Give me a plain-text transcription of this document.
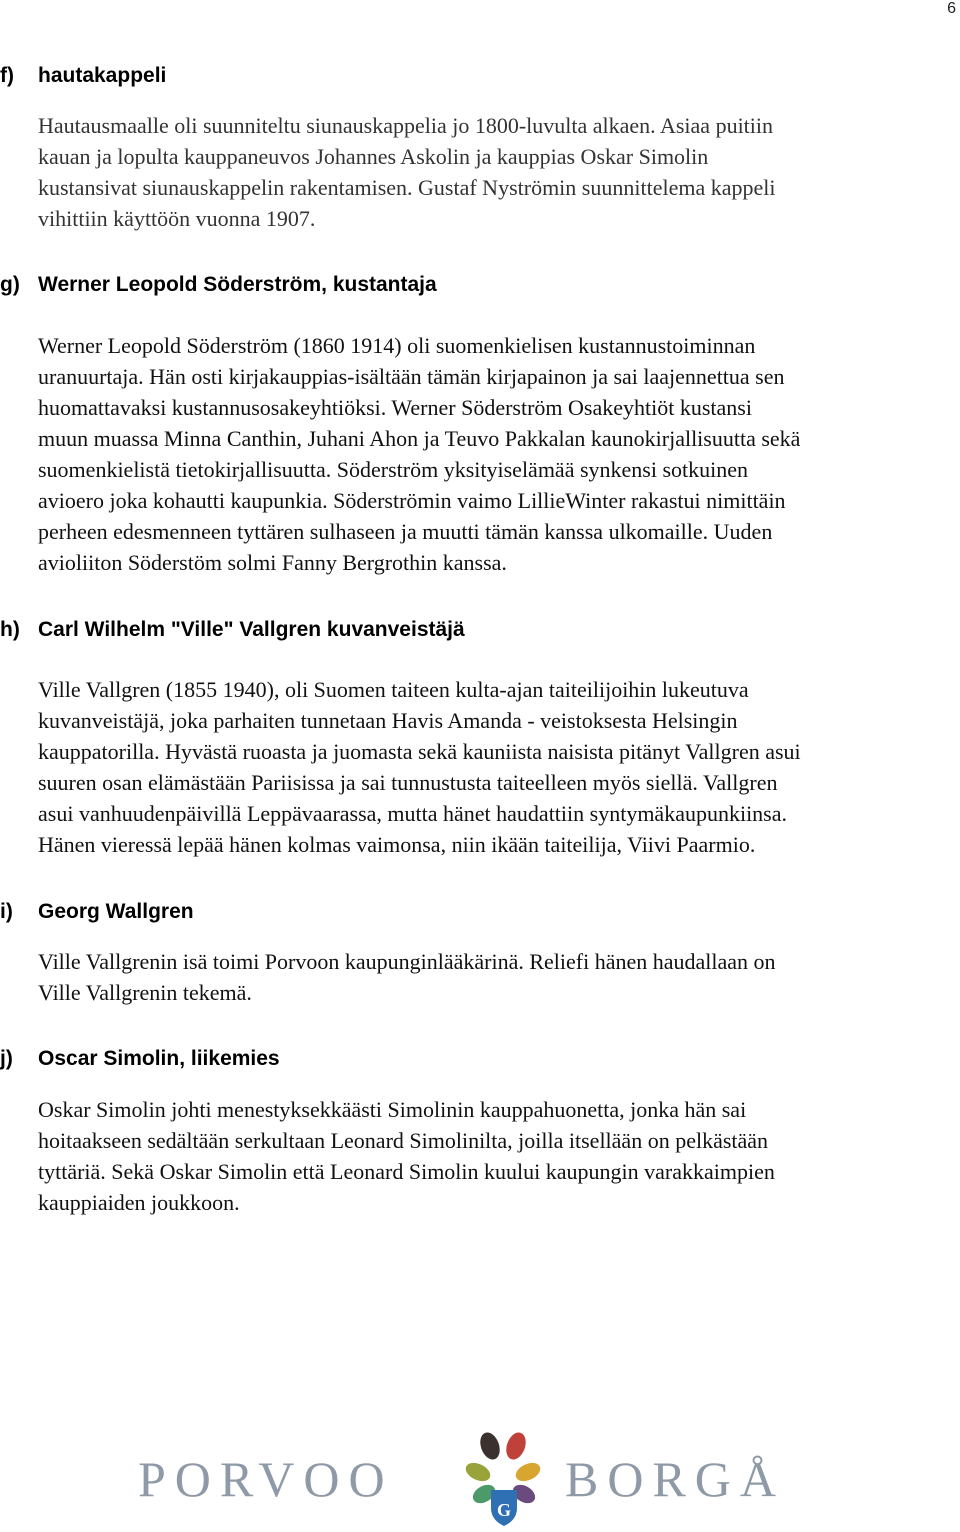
6
f) hautakappeli
Hautausmaalle oli suunniteltu siunauskappelia jo 1800-luvulta alkaen. Asiaa puitiin
kauan ja lopulta kauppaneuvos Johannes Askolin ja kauppias Oskar Simolin
kustansivat siunauskappelin rakentamisen. Gustaf Nyströmin suunnittelema kappeli
vihittiin käyttöön vuonna 1907.
g) Werner Leopold Söderström, kustantaja
Werner Leopold Söderström (1860 1914) oli suomenkielisen kustannustoiminnan
uranuurtaja. Hän osti kirjakauppias-isältään tämän kirjapainon ja sai laajennettua sen
huomattavaksi kustannusosakeyhtiöksi. Werner Söderström Osakeyhtiöt kustansi
muun muassa Minna Canthin, Juhani Ahon ja Teuvo Pakkalan kaunokirjallisuutta sekä
suomenkielistä tietokirjallisuutta. Söderström yksityiselämää synkensi sotkuinen
avioero joka kohautti kaupunkia. Söderströmin vaimo LillieWinter rakastui nimittäin
perheen edesmenneen tyttären sulhaseen ja muutti tämän kanssa ulkomaille. Uuden
avioliiton Söderstöm solmi Fanny Bergrothin kanssa.
h) Carl Wilhelm "Ville" Vallgren kuvanveistäjä
Ville Vallgren (1855 1940), oli Suomen taiteen kulta-ajan taiteilijoihin lukeutuva
kuvanveistäjä, joka parhaiten tunnetaan Havis Amanda - veistoksesta Helsingin
kauppatorilla. Hyvästä ruoasta ja juomasta sekä kauniista naisista pitänyt Vallgren asui
suuren osan elämästään Pariisissa ja sai tunnustusta taiteelleen myös siellä. Vallgren
asui vanhuudenpäivillä Leppävaarassa, mutta hänet haudattiin syntymäkaupunkiinsa.
Hänen vieressä lepää hänen kolmas vaimonsa, niin ikään taiteilija, Viivi Paarmio.
i) Georg Wallgren
Ville Vallgrenin isä toimi Porvoon kaupunginlääkärinä. Reliefi hänen haudallaan on
Ville Vallgrenin tekemä.
j) Oscar Simolin, liikemies
Oskar Simolin johti menestyksekkäästi Simolinin kauppahuonetta, jonka hän sai
hoitaakseen sedältään serkultaan Leonard Simolinilta, joilla itsellään on pelkästään
tyttäriä. Sekä Oskar Simolin että Leonard Simolin kuului kaupungin varakkaimpien
kauppiaiden joukkoon.
PORVOO
G
BORGÅ
